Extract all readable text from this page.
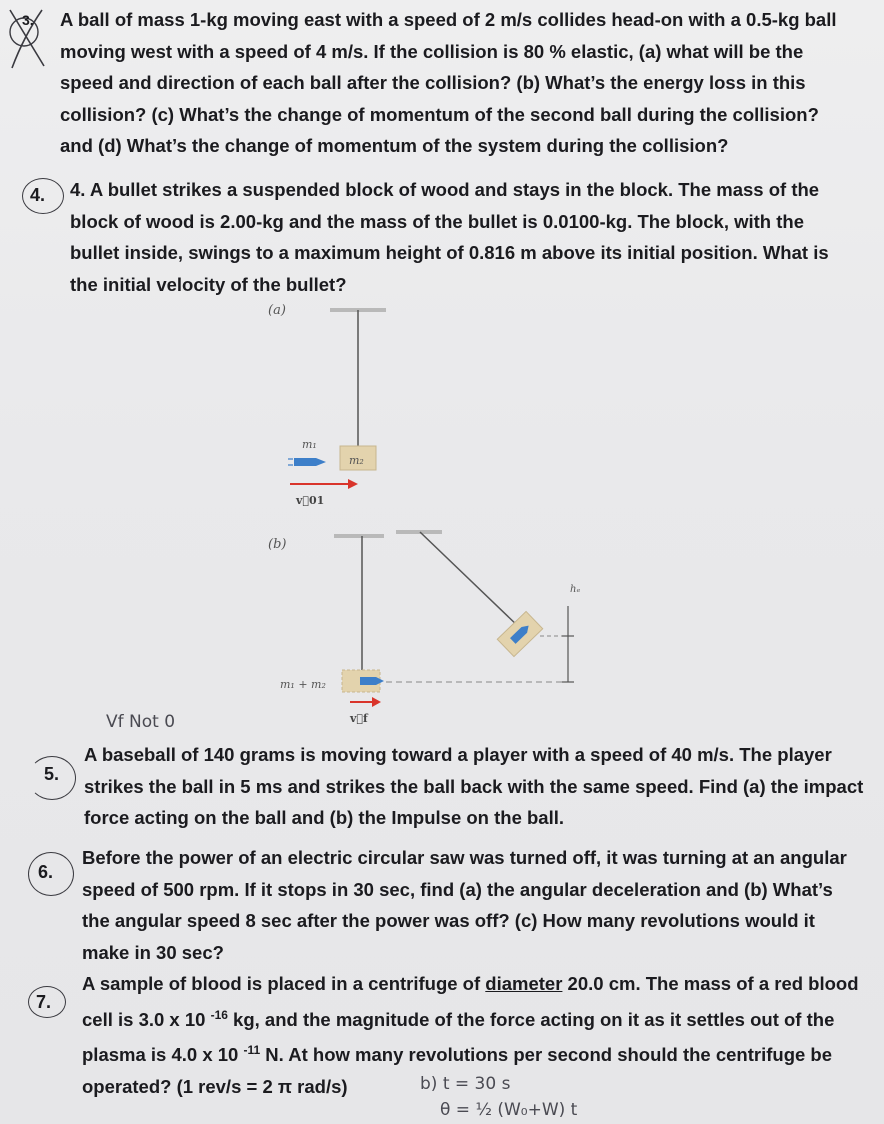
3. A ball of mass 1-kg moving east with a speed of 2 m/s collides head-on with a 0.5-kg ball

moving west with a speed of 4 m/s. If the collision is 80 % elastic, (a) what will be the

speed and direction of each ball after the collision? (b) What’s the energy loss in this

collision? (c) What’s the change of momentum of the second ball during the collision?

and (d) What’s the change of momentum of the system during the collision?

4. 4. A bullet strikes a suspended block of wood and stays in the block. The mass of the

block of wood is 2.00-kg and the mass of the bullet is 0.0100-kg. The block, with the

bullet inside, swings to a maximum height of 0.816 m above its initial position. What is

the initial velocity of the bullet?

(a)
m₂
m₁
v⃗01
(b)
hₑ
m₁ + m₂
v⃗f
Vf Not 0
5.

A baseball of 140 grams is moving toward a player with a speed of 40 m/s. The player

strikes the ball in 5 ms and strikes the ball back with the same speed. Find (a) the impact

force acting on the ball and (b) the Impulse on the ball.

6.

Before the power of an electric circular saw was turned off, it was turning at an angular

speed of 500 rpm. If it stops in 30 sec, find (a) the angular deceleration and (b) What’s

the angular speed 8 sec after the power was off? (c) How many revolutions would it

make in 30 sec?

7.

A sample of blood is placed in a centrifuge of diameter 20.0 cm. The mass of a red blood

cell is 3.0 x 10 $^{-16}$ kg, and the magnitude of the force acting on it as it settles out of the

plasma is 4.0 x 10 $^{-11}$ N. At how many revolutions per second should the centrifuge be

operated? (1 rev/s = 2 π rad/s)	b) t = 30 s
θ = ½ (W₀+W) t
